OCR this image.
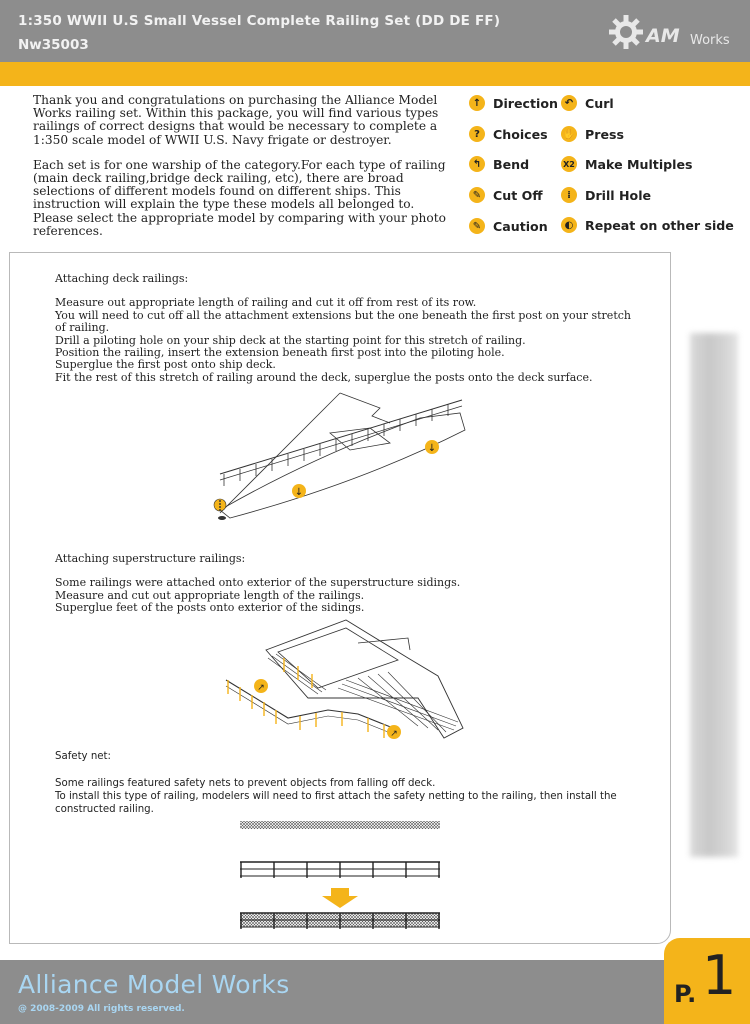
1:350 WWII U.S Small Vessel Complete Railing Set (DD DE FF)
Nw35003	AM Works

Thank you and congratulations on purchasing the Alliance Model Works railing set. Within this package, you will find various types railings of correct designs that would be necessary to complete a 1:350 scale model of WWII U.S. Navy frigate or destroyer.

Each set is for one warship of the category.For each type of railing (main deck railing,bridge deck railing, etc), there are broad selections of different models found on different ships. This instruction will explain the type these models all belonged to. Please select the appropriate model by comparing with your photo references.

↑ Direction ↶ Curl
?	Choices ✋ Press
↰ Bend	X2 Make Multiples
✎ Cut Off	⁞	Drill Hole
✎ Caution	◐ Repeat on other side

Attaching deck railings:

Measure out appropriate length of railing and cut it off from rest of its row.

You will need to cut off all the attachment extensions but the one beneath the first post on your stretch of railing.

Drill a piloting hole on your ship deck at the starting point for this stretch of railing.

Position the railing, insert the extension beneath first post into the piloting hole.

Superglue the first post onto ship deck.

Fit the rest of this stretch of railing around the deck, superglue the posts onto the deck surface.

↓
↓

Attaching superstructure railings:

Some railings were attached onto exterior of the superstructure sidings.

Measure and cut out appropriate length of the railings.

Superglue feet of the posts onto exterior of the sidings.

↗
↗

Safety net:

Some railings featured safety nets to prevent objects from falling off deck.

To install this type of railing, modelers will need to first attach the safety netting to the railing, then install the constructed railing.

Alliance Model Works
@ 2008-2009 All rights reserved.
P. 1
